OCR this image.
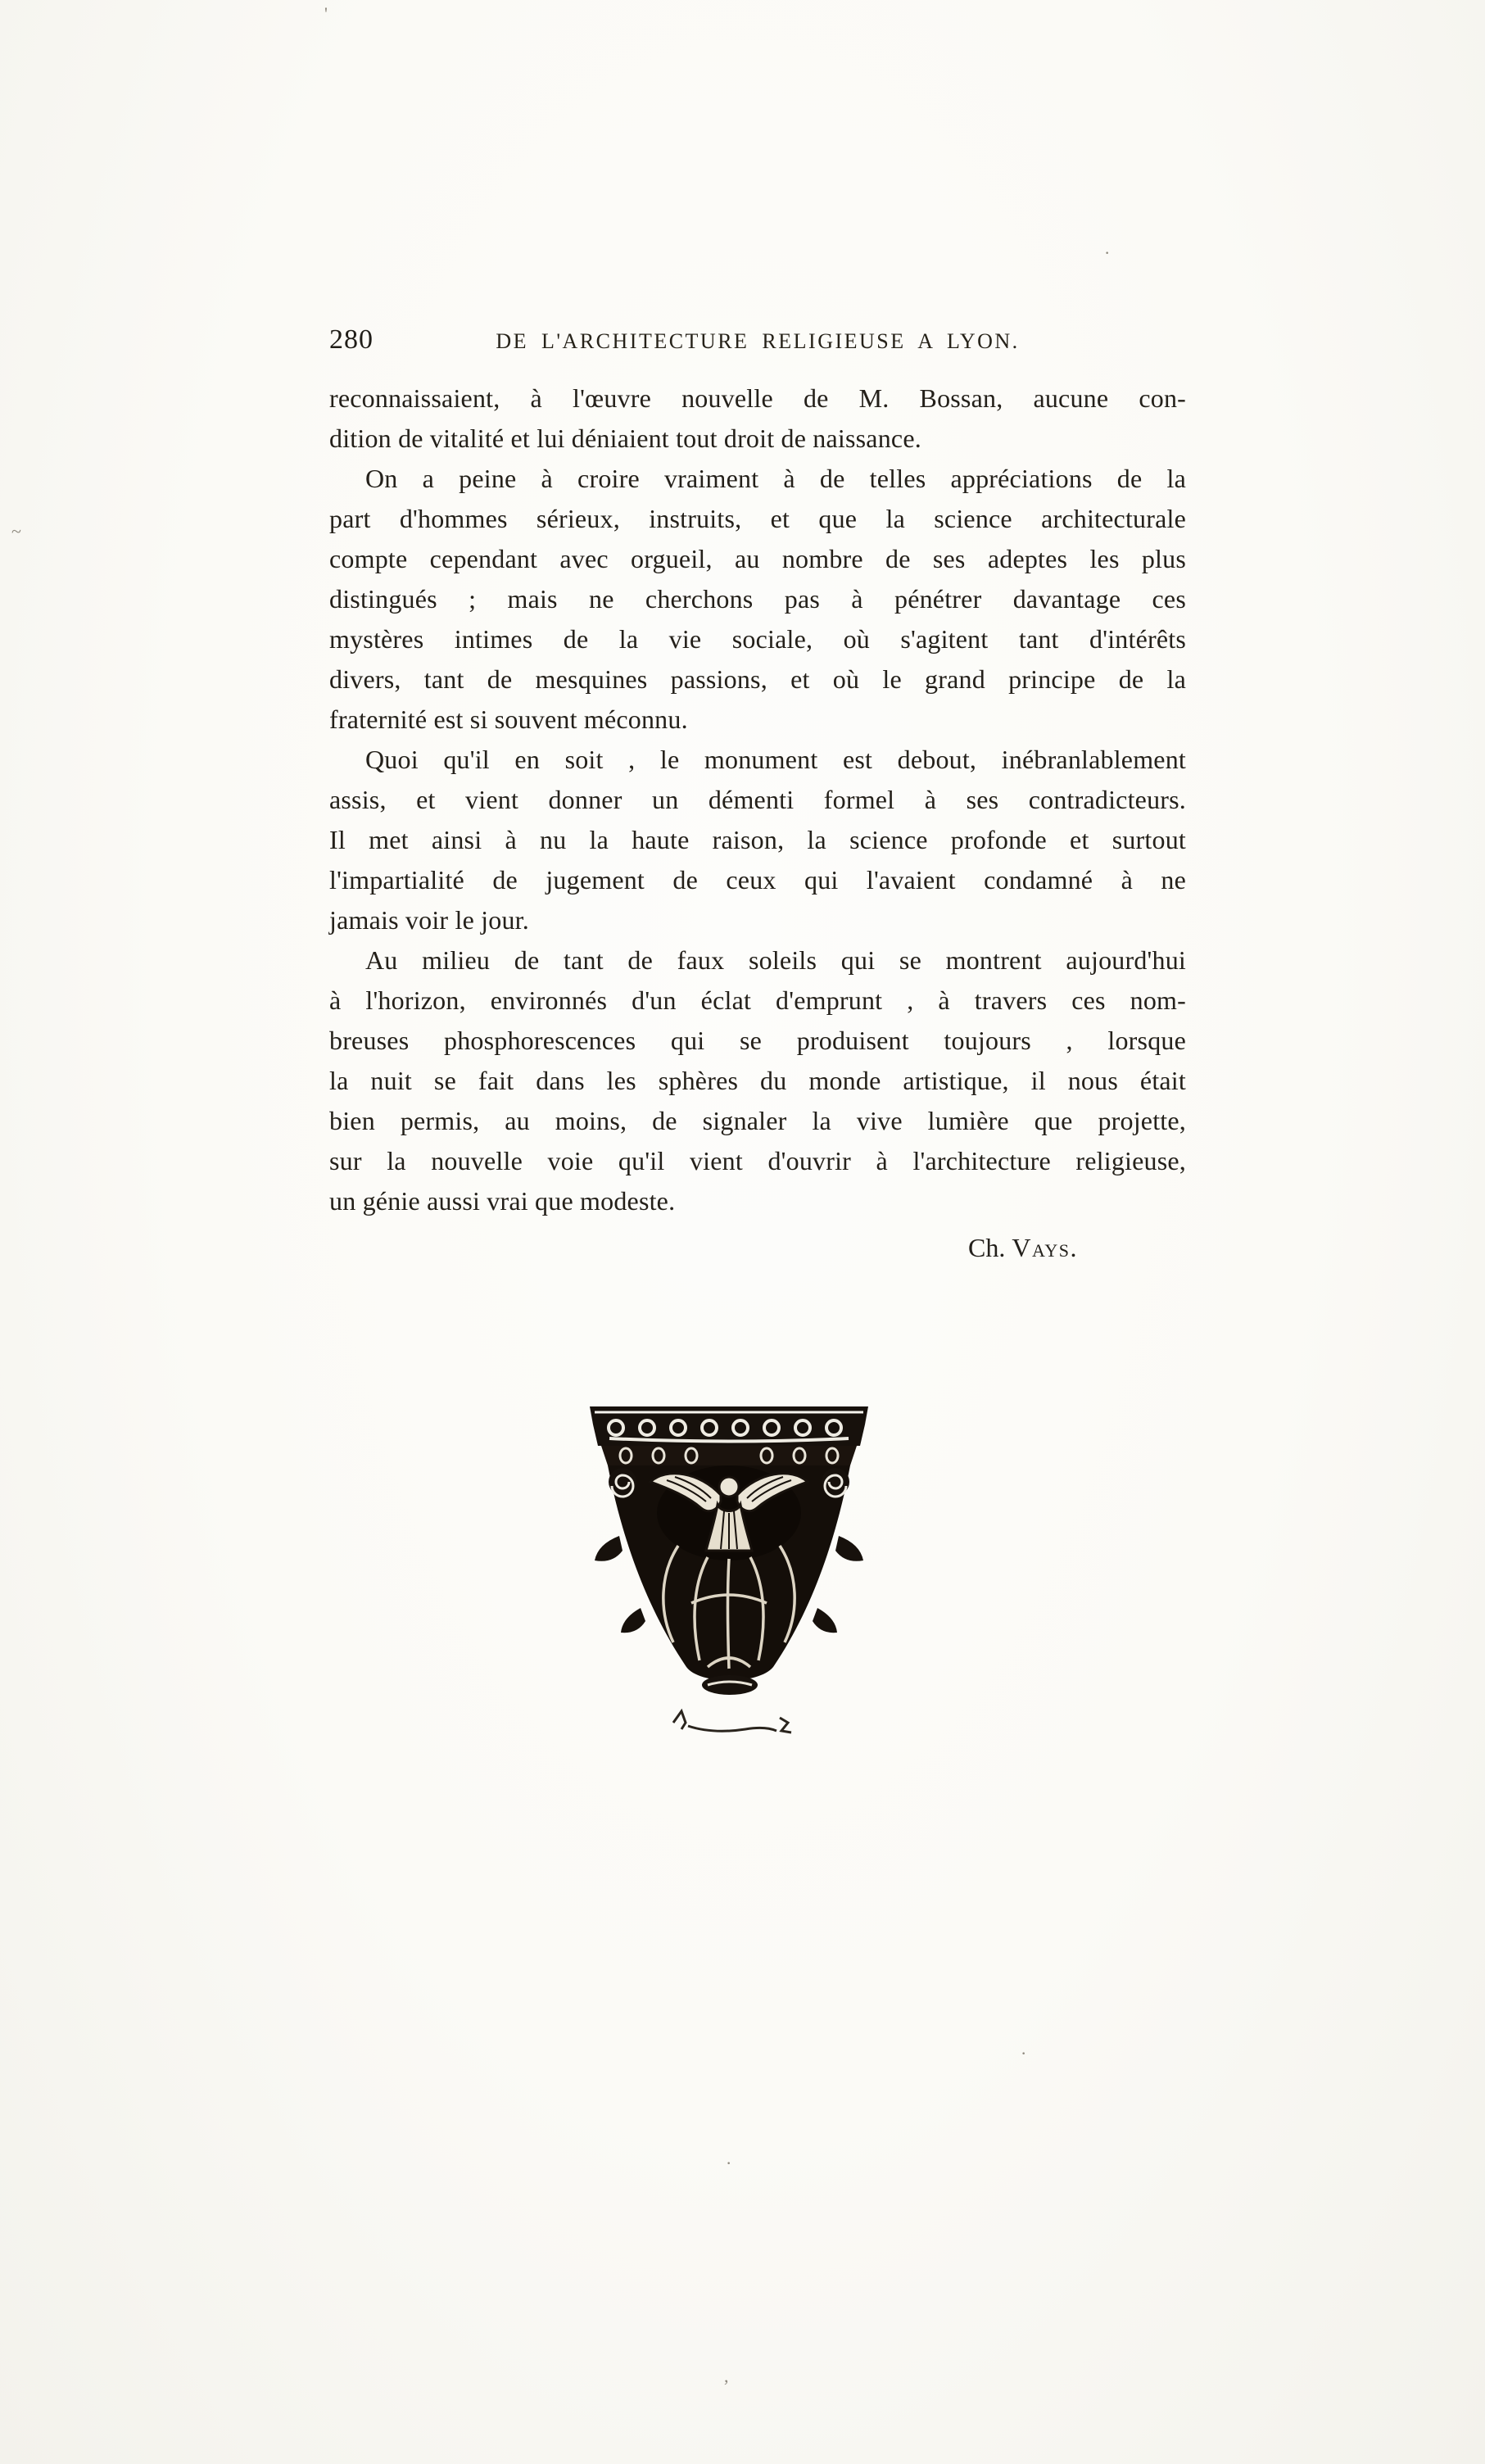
280	DE L'ARCHITECTURE RELIGIEUSE A LYON.
reconnaissaient, à l'œuvre nouvelle de M. Bossan, aucune con-
dition de vitalité et lui déniaient tout droit de naissance.
On a peine à croire vraiment à de telles appréciations de la
part d'hommes sérieux, instruits, et que la science architecturale
compte cependant avec orgueil, au nombre de ses adeptes les plus
distingués ; mais ne cherchons pas à pénétrer davantage ces
mystères intimes de la vie sociale, où s'agitent tant d'intérêts
divers, tant de mesquines passions, et où le grand principe de la
fraternité est si souvent méconnu.
Quoi qu'il en soit , le monument est debout, inébranlablement
assis, et vient donner un démenti formel à ses contradicteurs.
Il met ainsi à nu la haute raison, la science profonde et surtout
l'impartialité de jugement de ceux qui l'avaient condamné à ne
jamais voir le jour.
Au milieu de tant de faux soleils qui se montrent aujourd'hui
à l'horizon, environnés d'un éclat d'emprunt , à travers ces nom-
breuses phosphorescences qui se produisent toujours , lorsque
la nuit se fait dans les sphères du monde artistique, il nous était
bien permis, au moins, de signaler la vive lumière que projette,
sur la nouvelle voie qu'il vient d'ouvrir à l'architecture religieuse,
un génie aussi vrai que modeste.
Ch. Vays.
'
·
~
·
·
,
